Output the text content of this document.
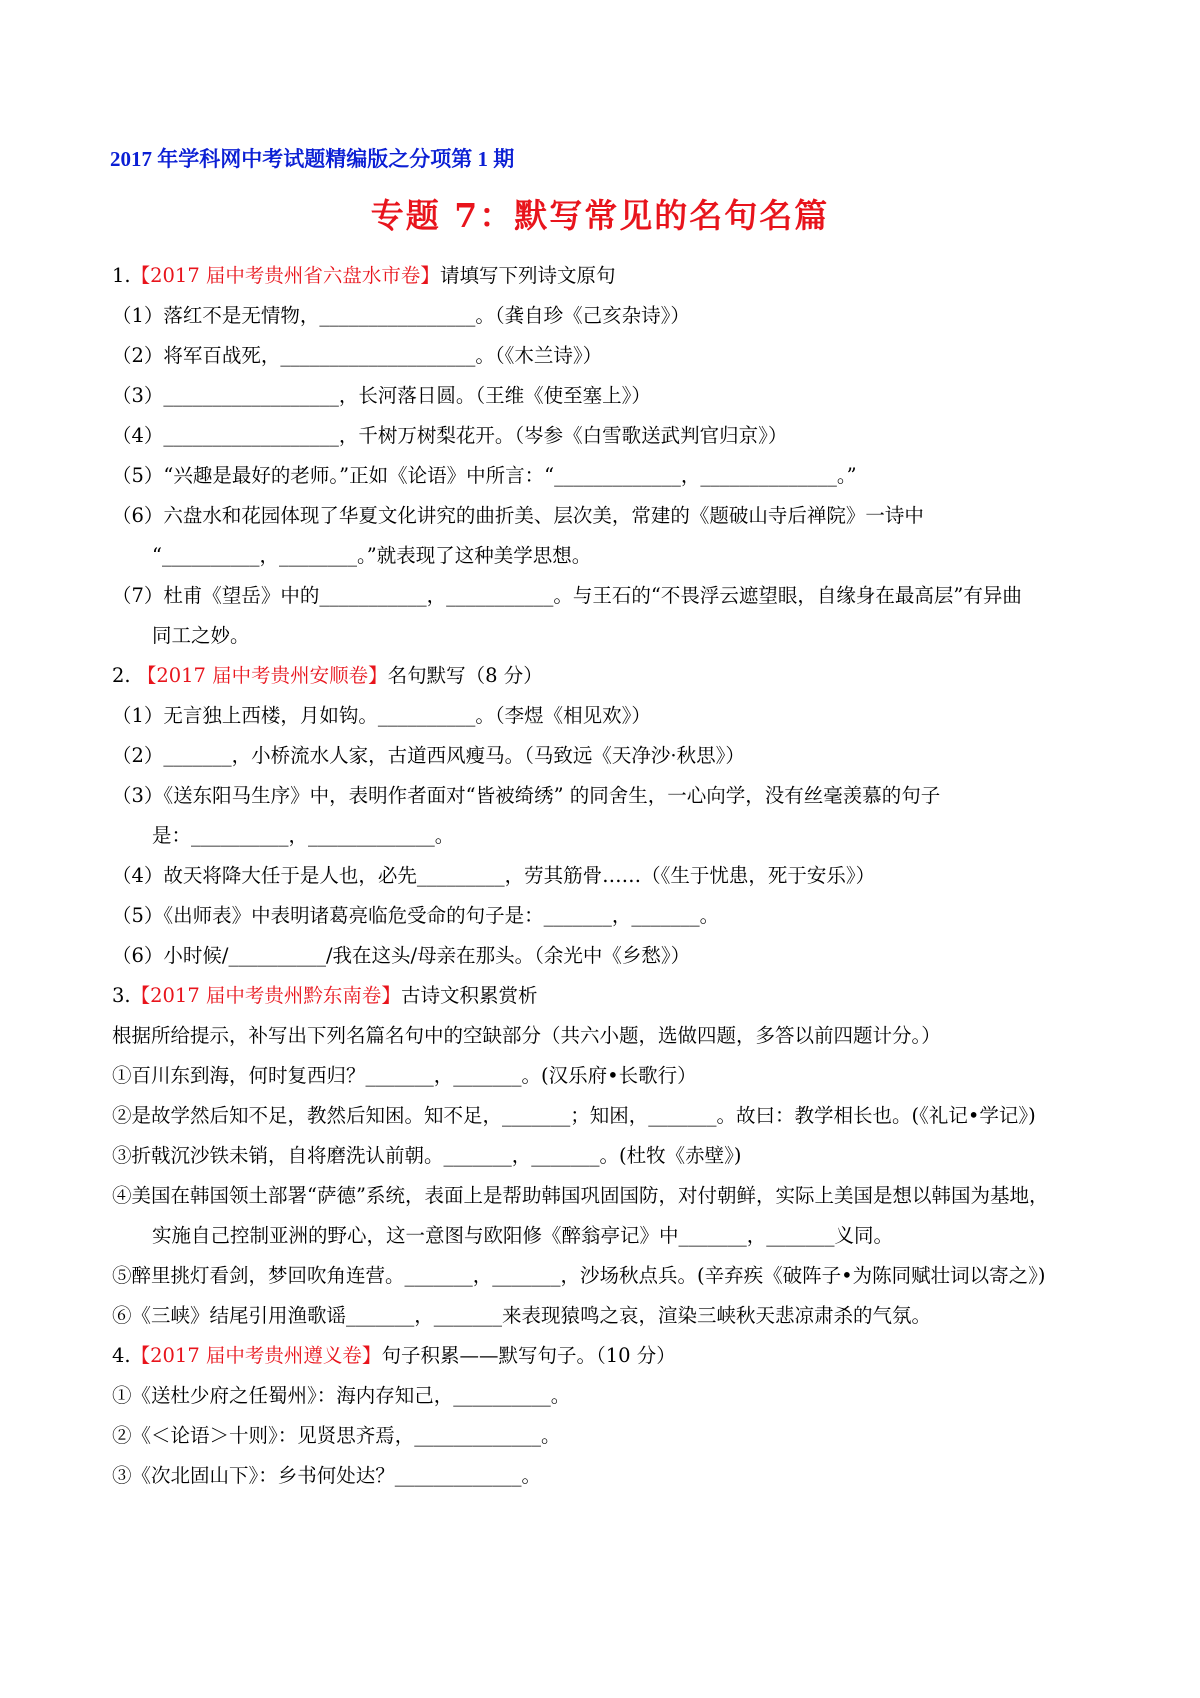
2017 年学科网中考试题精编版之分项第 1 期
专题 7：默写常见的名句名篇
1.【2017 届中考贵州省六盘水市卷】请填写下列诗文原句
（1）落红不是无情物，________________。（龚自珍《己亥杂诗》）
（2）将军百战死，____________________。（《木兰诗》）
（3）__________________，长河落日圆。（王维《使至塞上》）
（4）__________________，千树万树梨花开。（岑参《白雪歌送武判官归京》）
（5）“兴趣是最好的老师。”正如《论语》中所言：“_____________，______________。”
（6）六盘水和花园体现了华夏文化讲究的曲折美、层次美，常建的《题破山寺后禅院》一诗中
“__________，________。”就表现了这种美学思想。
（7）杜甫《望岳》中的___________，___________。与王石的“不畏浮云遮望眼，自缘身在最高层”有异曲
同工之妙。
2. 【2017 届中考贵州安顺卷】名句默写（8 分）
（1）无言独上西楼，月如钩。__________。（李煜《相见欢》）
（2）_______，小桥流水人家，古道西风瘦马。（马致远《天净沙·秋思》）
（3）《送东阳马生序》中，表明作者面对“皆被绮绣” 的同舍生，一心向学，没有丝毫羡慕的句子
是：__________，_____________。
（4）故天将降大任于是人也，必先_________，劳其筋骨……（《生于忧患，死于安乐》）
（5）《出师表》中表明诸葛亮临危受命的句子是：_______，_______。
（6）小时候/__________/我在这头/母亲在那头。（余光中《乡愁》）
3.【2017 届中考贵州黔东南卷】古诗文积累赏析
根据所给提示，补写出下列名篇名句中的空缺部分（共六小题，选做四题，多答以前四题计分。）
①百川东到海，何时复西归？_______，_______。(汉乐府•长歌行）
②是故学然后知不足，教然后知困。知不足，_______；知困，_______。故曰：教学相长也。(《礼记•学记》)
③折戟沉沙铁未销，自将磨洗认前朝。_______，_______。(杜牧《赤壁》)
④美国在韩国领土部署“萨德”系统，表面上是帮助韩国巩固国防，对付朝鲜，实际上美国是想以韩国为基地，
实施自己控制亚洲的野心，这一意图与欧阳修《醉翁亭记》中_______，_______义同。
⑤醉里挑灯看剑，梦回吹角连营。_______，_______，沙场秋点兵。(辛弃疾《破阵子•为陈同赋壮词以寄之》)
⑥《三峡》结尾引用渔歌谣_______，_______来表现猿鸣之哀，渲染三峡秋天悲凉肃杀的气氛。
4.【2017 届中考贵州遵义卷】句子积累——默写句子。（10 分）
①《送杜少府之任蜀州》：海内存知己，__________。
②《＜论语＞十则》：见贤思齐焉，_____________。
③《次北固山下》：乡书何处达？_____________。
